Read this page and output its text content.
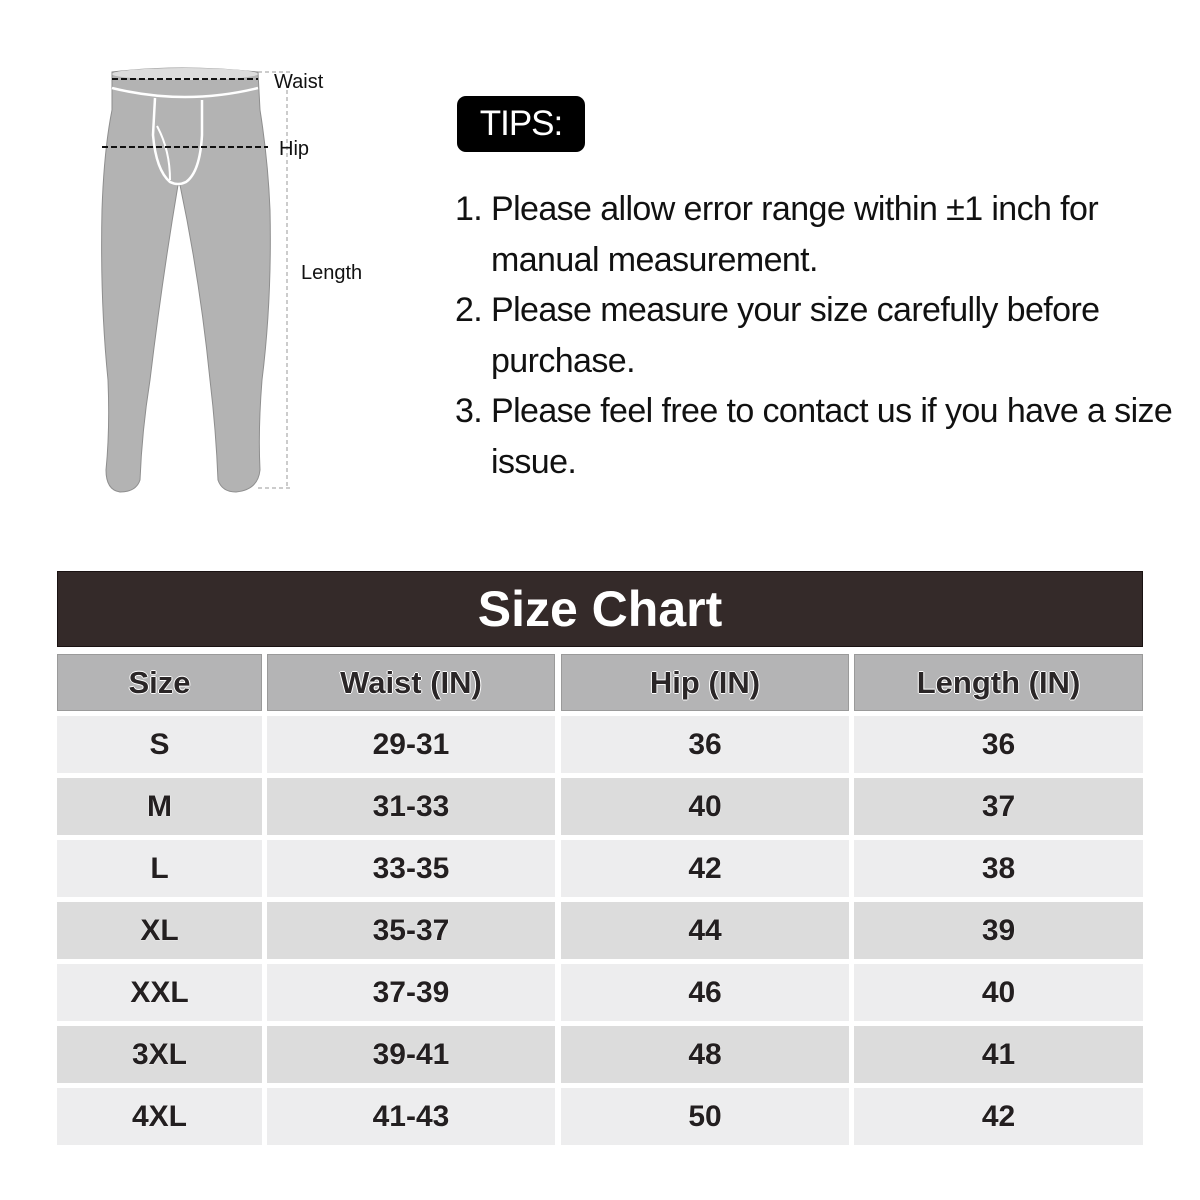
Waist
Hip
Length
TIPS:
1. Please allow error range within ±1 inch for manual measurement.
2. Please measure your size carefully before purchase.
3. Please feel free to contact us if you have a size issue.
Size Chart
Size	Waist (IN)	Hip (IN)	Length (IN)
S	29-31	36	36
M	31-33	40	37
L	33-35	42	38
XL	35-37	44	39
XXL	37-39	46	40
3XL	39-41	48	41
4XL	41-43	50	42
